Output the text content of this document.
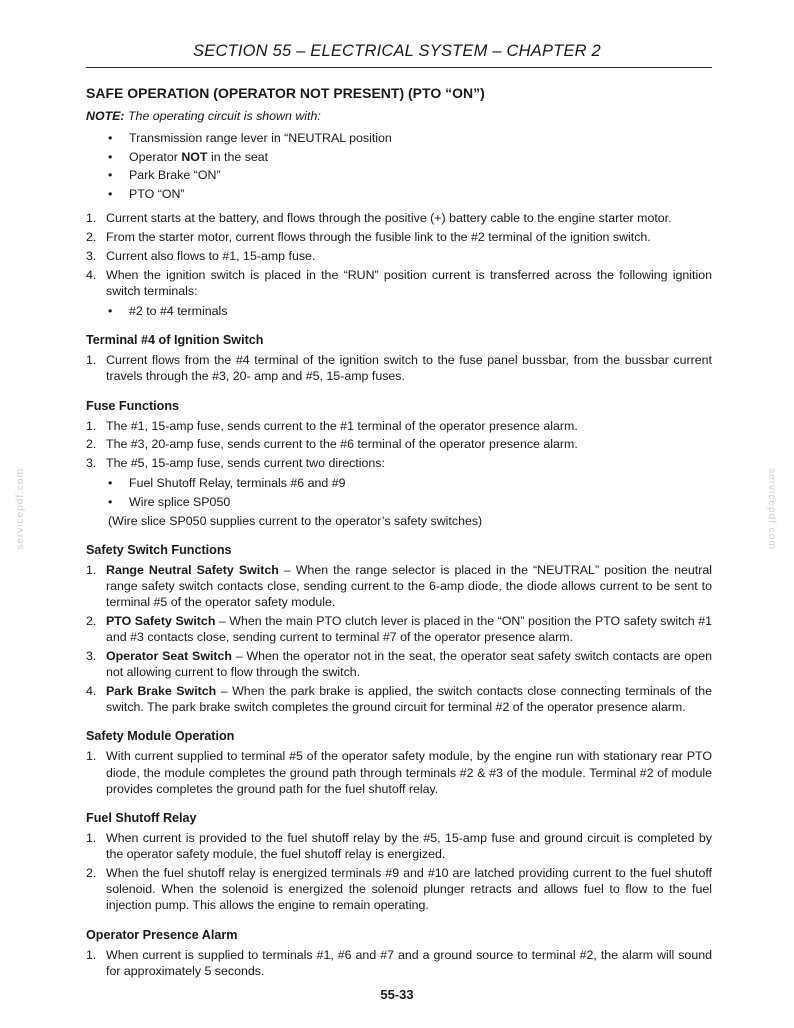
SECTION 55 – ELECTRICAL SYSTEM – CHAPTER 2
servicepdf.com	servicepdf.com
SAFE OPERATION (OPERATOR NOT PRESENT) (PTO “ON”)

NOTE: The operating circuit is shown with:

• Transmission range lever in “NEUTRAL position
• Operator NOT in the seat
• Park Brake “ON”
• PTO “ON”
1. Current starts at the battery, and flows through the positive (+) battery cable to the engine starter motor.
2. From the starter motor, current flows through the fusible link to the #2 terminal of the ignition switch.
3. Current also flows to #1, 15-amp fuse.
4. When the ignition switch is placed in the “RUN” position current is transferred across the following ignition switch terminals:
• #2 to #4 terminals
Terminal #4 of Ignition Switch
1. Current flows from the #4 terminal of the ignition switch to the fuse panel bussbar, from the bussbar current travels through the #3, 20- amp and #5, 15-amp fuses.
Fuse Functions
1. The #1, 15-amp fuse, sends current to the #1 terminal of the operator presence alarm.
2. The #3, 20-amp fuse, sends current to the #6 terminal of the operator presence alarm.
3. The #5, 15-amp fuse, sends current two directions:
• Fuel Shutoff Relay, terminals #6 and #9
• Wire splice SP050
(Wire slice SP050 supplies current to the operator’s safety switches)
Safety Switch Functions
1. Range Neutral Safety Switch – When the range selector is placed in the “NEUTRAL” position the neutral range safety switch contacts close, sending current to the 6-amp diode, the diode allows current to be sent to terminal #5 of the operator safety module.
2. PTO Safety Switch – When the main PTO clutch lever is placed in the “ON” position the PTO safety switch #1 and #3 contacts close, sending current to terminal #7 of the operator presence alarm.
3. Operator Seat Switch – When the operator not in the seat, the operator seat safety switch contacts are open not allowing current to flow through the switch.
4. Park Brake Switch – When the park brake is applied, the switch contacts close connecting terminals of the switch. The park brake switch completes the ground circuit for terminal #2 of the operator presence alarm.
Safety Module Operation
1. With current supplied to terminal #5 of the operator safety module, by the engine run with stationary rear PTO diode, the module completes the ground path through terminals #2 & #3 of the module. Terminal #2 of module provides completes the ground path for the fuel shutoff relay.
Fuel Shutoff Relay
1. When current is provided to the fuel shutoff relay by the #5, 15-amp fuse and ground circuit is completed by the operator safety module, the fuel shutoff relay is energized.
2. When the fuel shutoff relay is energized terminals #9 and #10 are latched providing current to the fuel shutoff solenoid. When the solenoid is energized the solenoid plunger retracts and allows fuel to flow to the fuel injection pump. This allows the engine to remain operating.
Operator Presence Alarm
1. When current is supplied to terminals #1, #6 and #7 and a ground source to terminal #2, the alarm will sound for approximately 5 seconds.
55-33
